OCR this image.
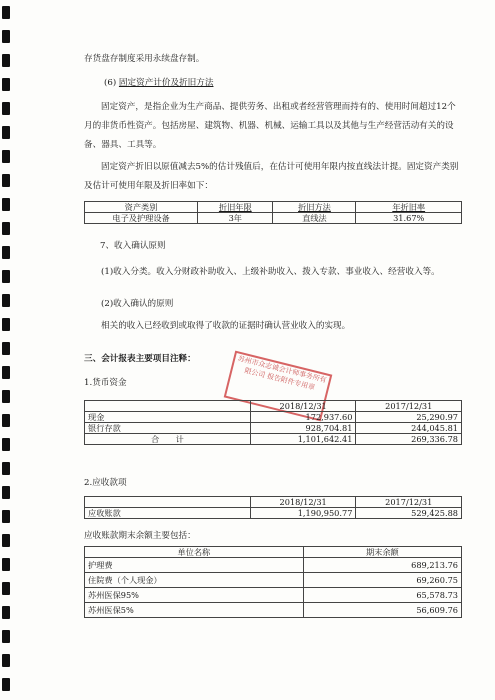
存货盘存制度采用永续盘存制。
(6) 固定资产计价及折旧方法
固定资产，是指企业为生产商品、提供劳务、出租或者经营管理而持有的、使用时间超过12个月的非货币性资产。包括房屋、建筑物、机器、机械、运输工具以及其他与生产经营活动有关的设备、器具、工具等。
固定资产折旧以原值减去5%的估计残值后，在估计可使用年限内按直线法计提。固定资产类别及估计可使用年限及折旧率如下：
资产类别	折旧年限	折旧方法	年折旧率
电子及护理设备	3年	直线法	31.67%
7、收入确认原则
(1)收入分类。收入分财政补助收入、上级补助收入、拨入专款、事业收入、经营收入等。
(2)收入确认的原则
相关的收入已经收到或取得了收款的证据时确认营业收入的实现。
三、会计报表主要项目注释：	苏州市众志诚会计师事务所有限公司 报告附件专用章
1.货币资金
	2018/12/31	2017/12/31
现金	172,937.60	25,290.97
银行存款	928,704.81	244,045.81
合　　计	1,101,642.41	269,336.78
2.应收款项
	2018/12/31	2017/12/31
应收账款	1,190,950.77	529,425.88
应收账款期末余额主要包括：
单位名称	期末余额
护理费	689,213.76
住院费（个人现金）	69,260.75
苏州医保95%	65,578.73
苏州医保5%	56,609.76
